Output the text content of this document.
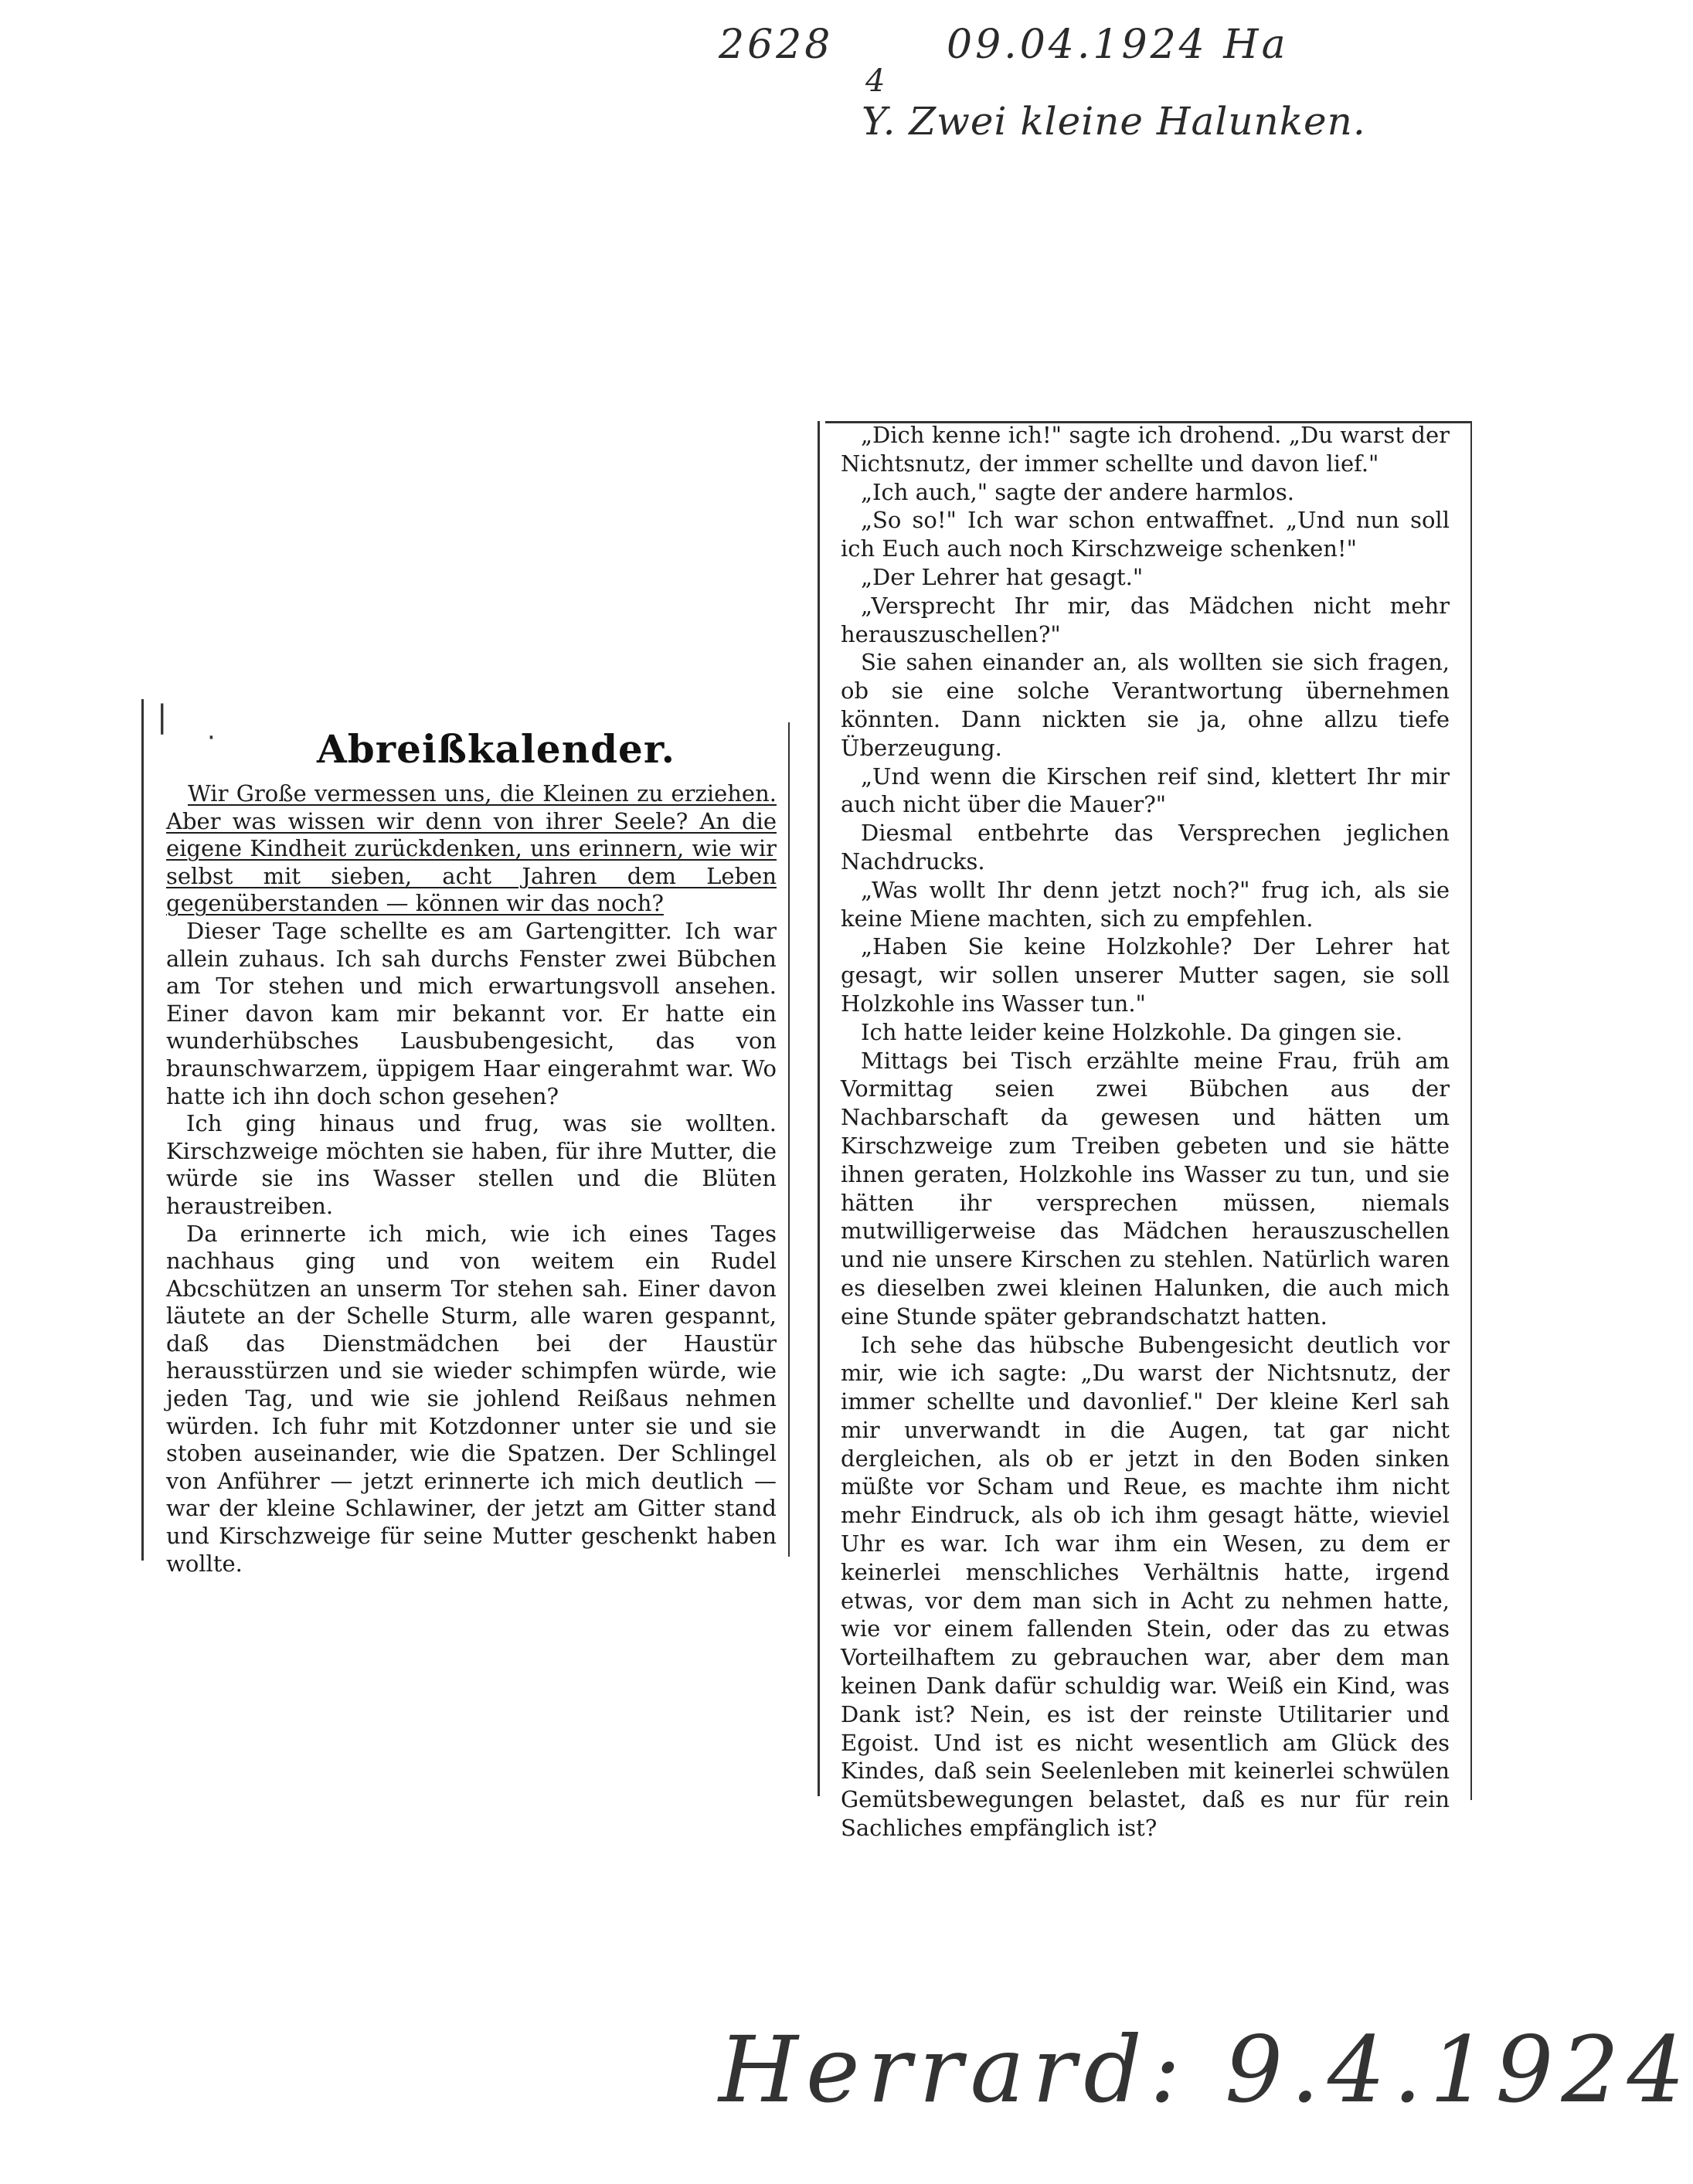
2628	09.04.1924 Ha
4
Y. Zwei kleine Halunken.
Herrard: 9.4.1924
|
·	Abreißkalender.

Wir Große vermessen uns, die Kleinen zu erziehen. Aber was wissen wir denn von ihrer Seele? An die eigene Kindheit zurückdenken, uns erinnern, wie wir selbst mit sieben, acht Jahren dem Leben gegenüberstanden — können wir das noch?

Dieser Tage schellte es am Gartengitter. Ich war allein zuhaus. Ich sah durchs Fenster zwei Bübchen am Tor stehen und mich erwartungsvoll ansehen. Einer davon kam mir bekannt vor. Er hatte ein wunderhübsches Lausbubengesicht, das von braunschwarzem, üppigem Haar eingerahmt war. Wo hatte ich ihn doch schon gesehen?

Ich ging hinaus und frug, was sie wollten. Kirschzweige möchten sie haben, für ihre Mutter, die würde sie ins Wasser stellen und die Blüten heraustreiben.

Da erinnerte ich mich, wie ich eines Tages nachhaus ging und von weitem ein Rudel Abcschützen an unserm Tor stehen sah. Einer davon läutete an der Schelle Sturm, alle waren gespannt, daß das Dienstmädchen bei der Haustür herausstürzen und sie wieder schimpfen würde, wie jeden Tag, und wie sie johlend Reißaus nehmen würden. Ich fuhr mit Kotzdonner unter sie und sie stoben auseinander, wie die Spatzen. Der Schlingel von Anführer — jetzt erinnerte ich mich deutlich — war der kleine Schlawiner, der jetzt am Gitter stand und Kirschzweige für seine Mutter geschenkt haben wollte.

„Dich kenne ich!" sagte ich drohend. „Du warst der Nichtsnutz, der immer schellte und davon lief."

„Ich auch," sagte der andere harmlos.

„So so!" Ich war schon entwaffnet. „Und nun soll ich Euch auch noch Kirschzweige schenken!"

„Der Lehrer hat gesagt."

„Versprecht Ihr mir, das Mädchen nicht mehr herauszuschellen?"

Sie sahen einander an, als wollten sie sich fragen, ob sie eine solche Verantwortung übernehmen könnten. Dann nickten sie ja, ohne allzu tiefe Überzeugung.

„Und wenn die Kirschen reif sind, klettert Ihr mir auch nicht über die Mauer?"

Diesmal entbehrte das Versprechen jeglichen Nachdrucks.

„Was wollt Ihr denn jetzt noch?" frug ich, als sie keine Miene machten, sich zu empfehlen.

„Haben Sie keine Holzkohle? Der Lehrer hat gesagt, wir sollen unserer Mutter sagen, sie soll Holzkohle ins Wasser tun."

Ich hatte leider keine Holzkohle. Da gingen sie.

Mittags bei Tisch erzählte meine Frau, früh am Vormittag seien zwei Bübchen aus der Nachbarschaft da gewesen und hätten um Kirschzweige zum Treiben gebeten und sie hätte ihnen geraten, Holzkohle ins Wasser zu tun, und sie hätten ihr versprechen müssen, niemals mutwilligerweise das Mädchen herauszuschellen und nie unsere Kirschen zu stehlen. Natürlich waren es dieselben zwei kleinen Halunken, die auch mich eine Stunde später gebrandschatzt hatten.

Ich sehe das hübsche Bubengesicht deutlich vor mir, wie ich sagte: „Du warst der Nichtsnutz, der immer schellte und davonlief." Der kleine Kerl sah mir unverwandt in die Augen, tat gar nicht dergleichen, als ob er jetzt in den Boden sinken müßte vor Scham und Reue, es machte ihm nicht mehr Eindruck, als ob ich ihm gesagt hätte, wieviel Uhr es war. Ich war ihm ein Wesen, zu dem er keinerlei menschliches Verhältnis hatte, irgend etwas, vor dem man sich in Acht zu nehmen hatte, wie vor einem fallenden Stein, oder das zu etwas Vorteilhaftem zu gebrauchen war, aber dem man keinen Dank dafür schuldig war. Weiß ein Kind, was Dank ist? Nein, es ist der reinste Utilitarier und Egoist. Und ist es nicht wesentlich am Glück des Kindes, daß sein Seelenleben mit keinerlei schwülen Gemütsbewegungen belastet, daß es nur für rein Sachliches empfänglich ist?
